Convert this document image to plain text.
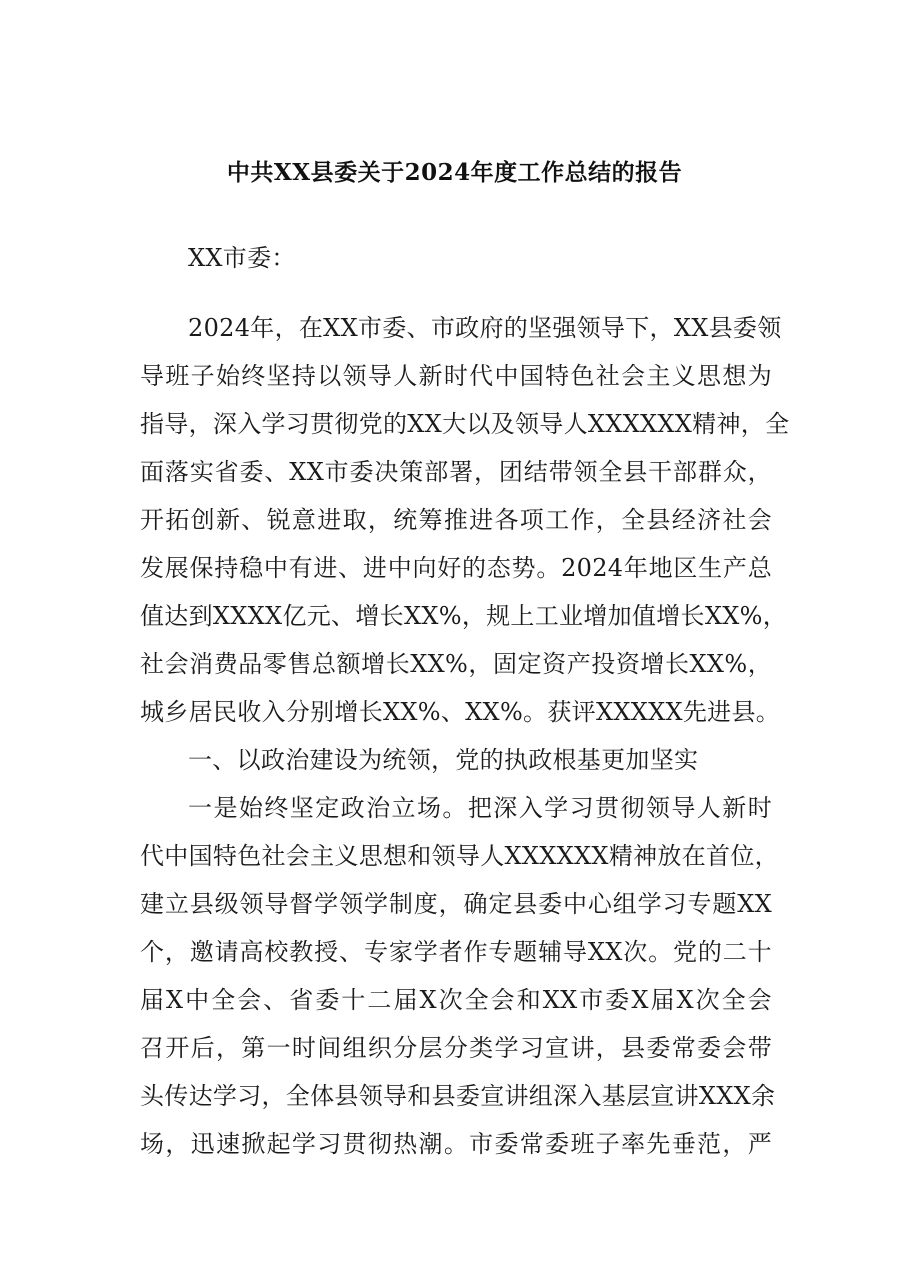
中共XX县委关于2024年度工作总结的报告
XX市委：
2024年，在XX市委、市政府的坚强领导下，XX县委领
导班子始终坚持以领导人新时代中国特色社会主义思想为
指导，深入学习贯彻党的XX大以及领导人XXXXXX精神，全
面落实省委、XX市委决策部署，团结带领全县干部群众，
开拓创新、锐意进取，统筹推进各项工作，全县经济社会
发展保持稳中有进、进中向好的态势。2024年地区生产总
值达到XXXX亿元、增长XX%，规上工业增加值增长XX%，
社会消费品零售总额增长XX%，固定资产投资增长XX%，
城乡居民收入分别增长XX%、XX%。获评XXXXX先进县。
一、以政治建设为统领，党的执政根基更加坚实
一是始终坚定政治立场。把深入学习贯彻领导人新时
代中国特色社会主义思想和领导人XXXXXX精神放在首位，
建立县级领导督学领学制度，确定县委中心组学习专题XX
个，邀请高校教授、专家学者作专题辅导XX次。党的二十
届X中全会、省委十二届X次全会和XX市委X届X次全会
召开后，第一时间组织分层分类学习宣讲，县委常委会带
头传达学习，全体县领导和县委宣讲组深入基层宣讲XXX余
场，迅速掀起学习贯彻热潮。市委常委班子率先垂范，严
